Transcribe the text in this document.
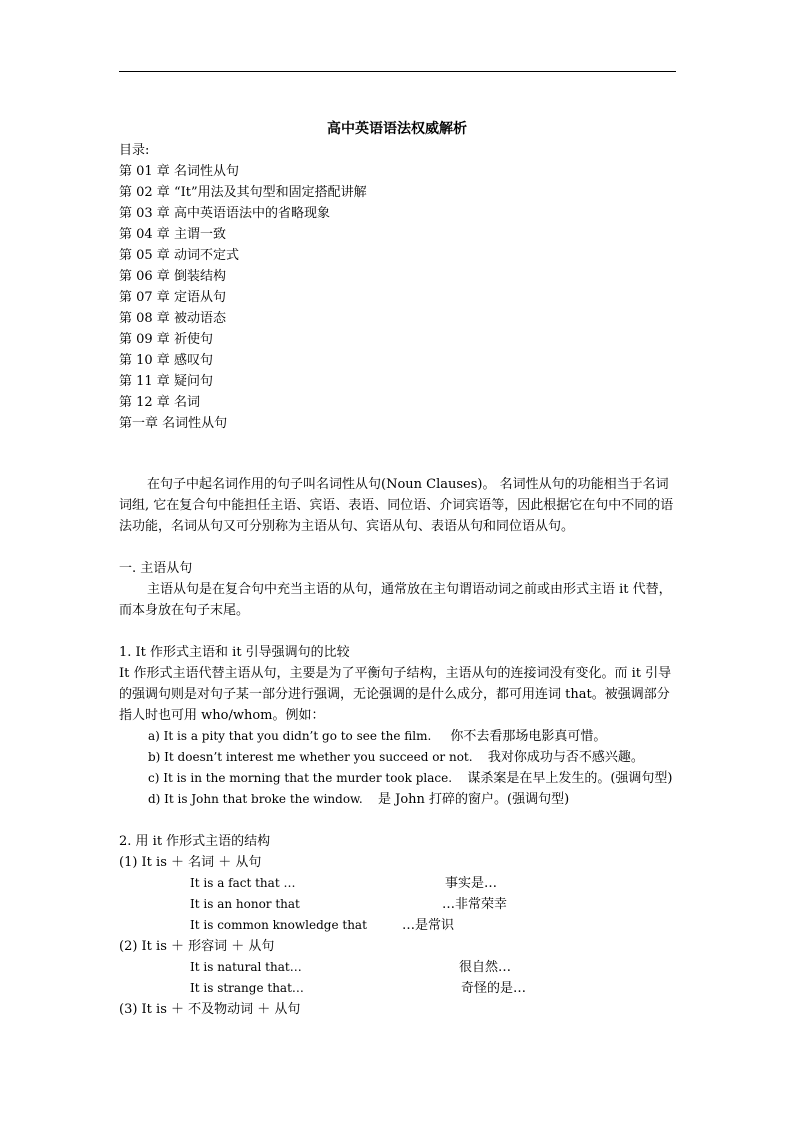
高中英语语法权威解析
目录:
第 01 章 名词性从句
第 02 章 “It”用法及其句型和固定搭配讲解
第 03 章 高中英语语法中的省略现象
第 04 章 主谓一致
第 05 章 动词不定式
第 06 章 倒装结构
第 07 章 定语从句
第 08 章 被动语态
第 09 章 祈使句
第 10 章 感叹句
第 11 章 疑问句
第 12 章 名词
第一章 名词性从句
在句子中起名词作用的句子叫名词性从句(Noun Clauses)。 名词性从句的功能相当于名词词组, 它在复合句中能担任主语、宾语、表语、同位语、介词宾语等，因此根据它在句中不同的语法功能，名词从句又可分别称为主语从句、宾语从句、表语从句和同位语从句。
一. 主语从句
主语从句是在复合句中充当主语的从句，通常放在主句谓语动词之前或由形式主语 it 代替，而本身放在句子末尾。
1. It 作形式主语和 it 引导强调句的比较
It 作形式主语代替主语从句，主要是为了平衡句子结构，主语从句的连接词没有变化。而 it 引导的强调句则是对句子某一部分进行强调，无论强调的是什么成分，都可用连词 that。被强调部分指人时也可用 who/whom。例如：
a) It is a pity that you didn’t go to see the film. 你不去看那场电影真可惜。
b) It doesn’t interest me whether you succeed or not. 我对你成功与否不感兴趣。
c) It is in the morning that the murder took place. 谋杀案是在早上发生的。(强调句型)
d) It is John that broke the window. 是 John 打碎的窗户。(强调句型)
2. 用 it 作形式主语的结构
(1) It is ＋ 名词 ＋ 从句
It is a fact that …	事实是…
It is an honor that	…非常荣幸
It is common knowledge that	…是常识
(2) It is ＋ 形容词 ＋ 从句
It is natural that…	很自然…
It is strange that…	奇怪的是…
(3) It is ＋ 不及物动词 ＋ 从句
